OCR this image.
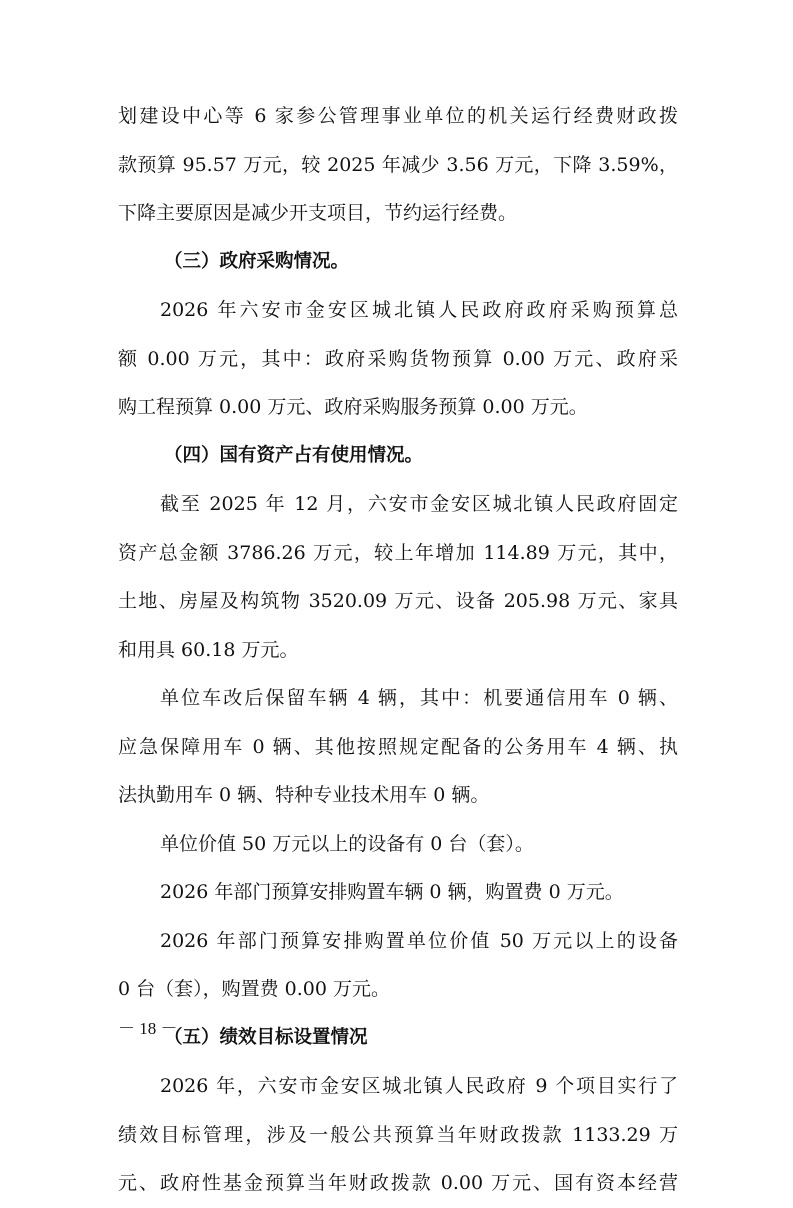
划建设中心等 6 家参公管理事业单位的机关运行经费财政拨
款预算 95.57 万元，较 2025 年减少 3.56 万元，下降 3.59%，
下降主要原因是减少开支项目，节约运行经费。
（三）政府采购情况。
2026 年六安市金安区城北镇人民政府政府采购预算总
额 0.00 万元，其中：政府采购货物预算 0.00 万元、政府采
购工程预算 0.00 万元、政府采购服务预算 0.00 万元。
（四）国有资产占有使用情况。
截至 2025 年 12 月，六安市金安区城北镇人民政府固定
资产总金额 3786.26 万元，较上年增加 114.89 万元，其中，
土地、房屋及构筑物 3520.09 万元、设备 205.98 万元、家具
和用具 60.18 万元。
单位车改后保留车辆 4 辆，其中：机要通信用车 0 辆、
应急保障用车 0 辆、其他按照规定配备的公务用车 4 辆、执
法执勤用车 0 辆、特种专业技术用车 0 辆。
单位价值 50 万元以上的设备有 0 台（套）。
2026 年部门预算安排购置车辆 0 辆，购置费 0 万元。
2026 年部门预算安排购置单位价值 50 万元以上的设备
0 台（套），购置费 0.00 万元。
（五）绩效目标设置情况
2026 年，六安市金安区城北镇人民政府 9 个项目实行了
绩效目标管理，涉及一般公共预算当年财政拨款 1133.29 万
元、政府性基金预算当年财政拨款 0.00 万元、国有资本经营
－ 18 －
